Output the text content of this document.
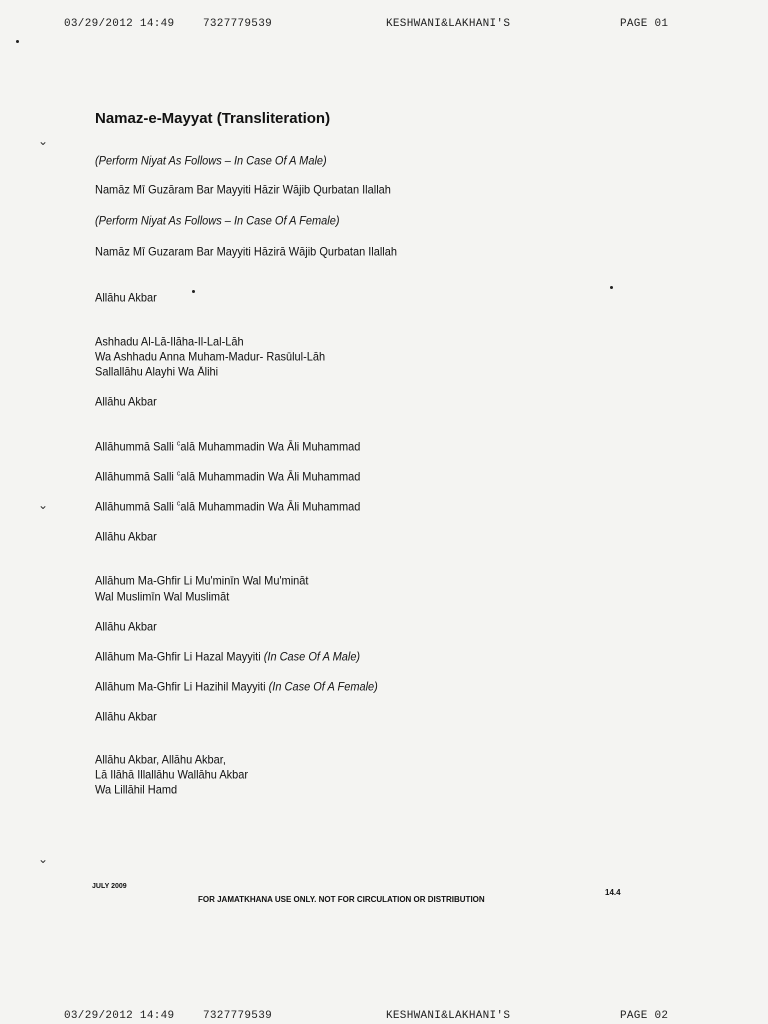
03/29/2012 14:49	7327779539	KESHWANI&LAKHANI'S	PAGE 01
⌄
⌄
⌄
Namaz-e-Mayyat (Transliteration)
(Perform Niyat As Follows – In Case Of A Male)
Namāz Mī Guzāram Bar Mayyiti Hāzir Wājib Qurbatan Ilallah
(Perform Niyat As Follows – In Case Of A Female)
Namāz Mī Guzaram Bar Mayyiti Hāzirā Wājib Qurbatan Ilallah
Allāhu Akbar
Ashhadu Al-Lā-Ilāha-Il-Lal-Lāh
Wa Ashhadu Anna Muham-Madur- Rasūlul-Lāh
Sallallāhu Alayhi Wa Ālihi
Allāhu Akbar
Allāhummā Salli $^c$alā Muhammadin Wa Āli Muhammad
Allāhummā Salli $^c$alā Muhammadin Wa Āli Muhammad
Allāhummā Salli $^c$alā Muhammadin Wa Āli Muhammad
Allāhu Akbar
Allāhum Ma-Ghfir Li Mu'minīn Wal Mu'mināt
Wal Muslimīn Wal Muslimāt
Allāhu Akbar
Allāhum Ma-Ghfir Li Hazal Mayyiti (In Case Of A Male)
Allāhum Ma-Ghfir Li Hazihil Mayyiti (In Case Of A Female)
Allāhu Akbar
Allāhu Akbar, Allāhu Akbar,
Lā Ilāhā Illallāhu Wallāhu Akbar
Wa Lillāhil Hamd
JULY 2009
FOR JAMATKHANA USE ONLY. NOT FOR CIRCULATION OR DISTRIBUTION
14.4
03/29/2012 14:49	7327779539	KESHWANI&LAKHANI'S	PAGE 02
